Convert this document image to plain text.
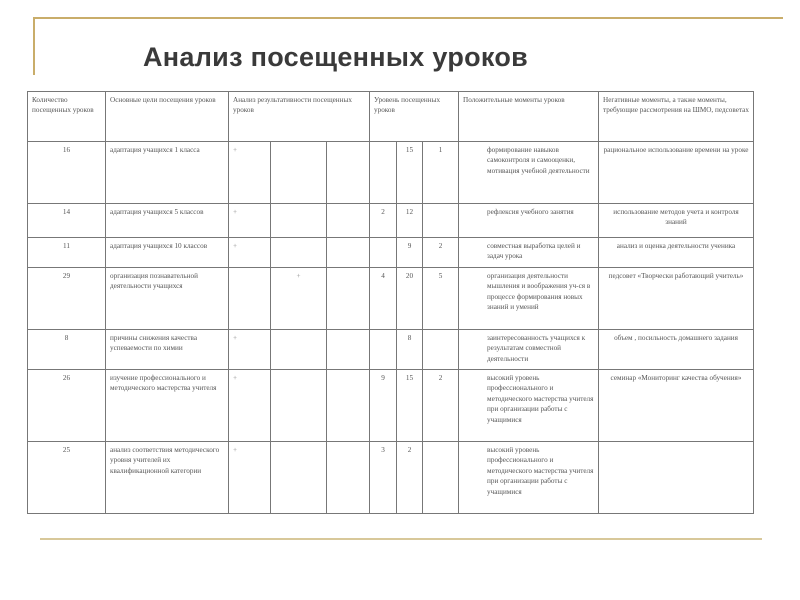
Анализ посещенных уроков
Количество посещенных уроков	Основные цели посещения уроков	Анализ результативности посещенных уроков			Уровень посещенных уроков			Положительные моменты уроков	Негативные моменты, а также моменты, требующие рассмотрения на ШМО, педсоветах
16	адаптация учащихся 1 классa	+				15	1	формирование навыков самоконтроля и самооценки, мотивация учебной деятельности	рациональное использование времени на уроке
14	адаптация учащихся 5 классов	+			2	12		рефлексия учебного занятия	использование методов учета и контроля знаний
11	адаптация учащихся 10 классов	+				9	2	совместная выработка целей и задач урока	анализ и оценка деятельности ученика
29	организация познавательной деятельности учащихся		+		4	20	5	организация деятельности мышления и воображения уч-ся в процессе формирования новых знаний и умений	педсовет «Творчески работающий учитель»
8	причины снижения качества успеваемости по химии	+				8		заинтересованность учащихся к результатам совместной деятельности	объем , посильность домашнего задания
26	изучение профессионального и методического мастерства учителя	+			9	15	2	высокий уровень профессионального и методического мастерства учителя при организации работы с учащимися	семинар «Мониторинг качества обучения»
25	анализ соответствия методического уровня учителей их квалификационной категории	+			3	2		высокий уровень профессионального и методического мастерства учителя при организации работы с учащимися	
